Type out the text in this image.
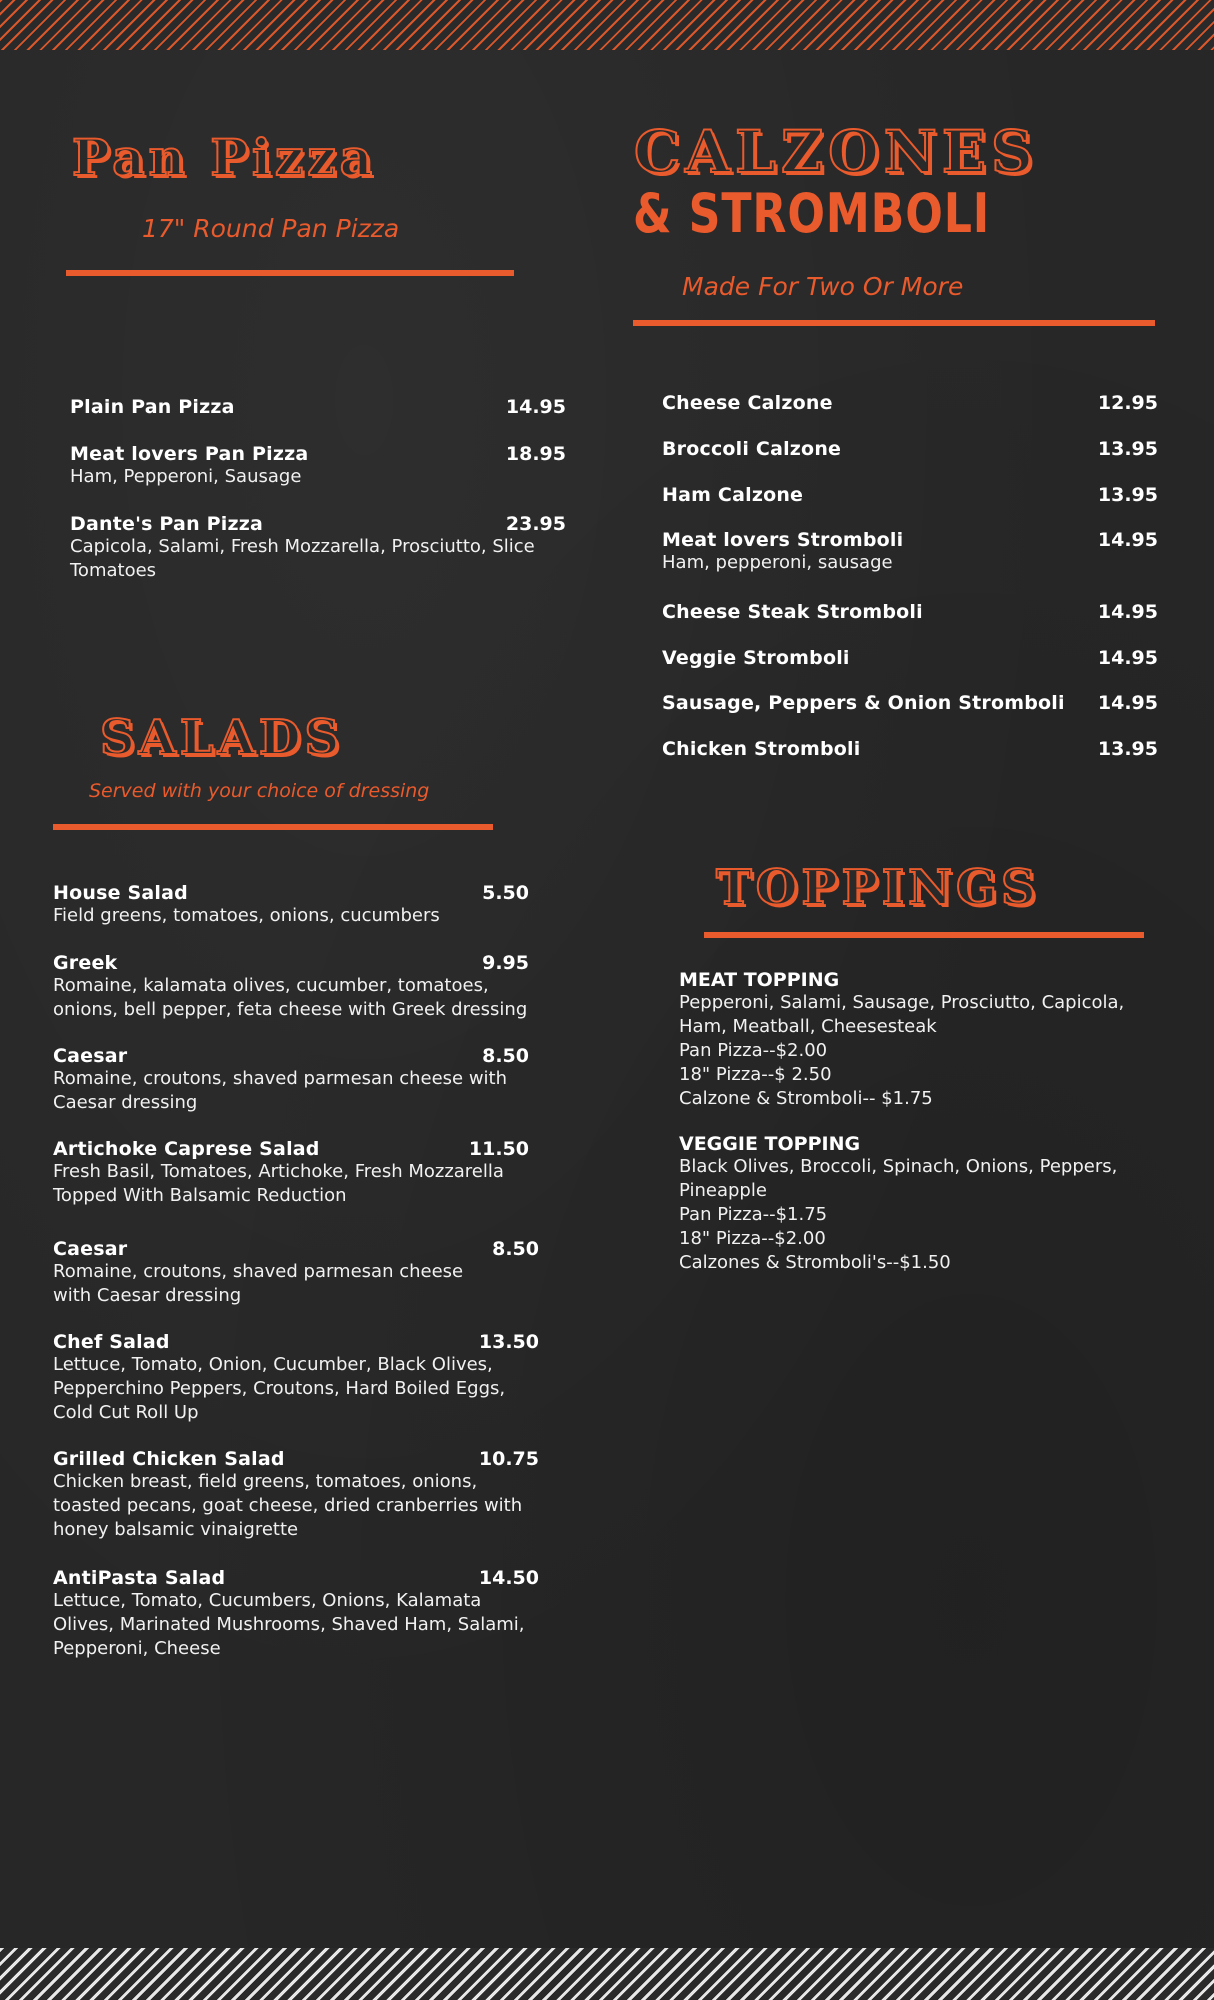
Pan Pizza
17" Round Pan Pizza
Plain Pan Pizza	14.95
Meat lovers Pan Pizza	18.95
Ham, Pepperoni, Sausage
Dante's Pan Pizza	23.95
Capicola, Salami, Fresh Mozzarella, Prosciutto, Slice Tomatoes
CALZONES
& STROMBOLI
Made For Two Or More
Cheese Calzone	12.95
Broccoli Calzone	13.95
Ham Calzone	13.95
Meat lovers Stromboli	14.95
Ham, pepperoni, sausage
Cheese Steak Stromboli	14.95
Veggie Stromboli	14.95
Sausage, Peppers & Onion Stromboli 14.95
Chicken Stromboli	13.95
SALADS
Served with your choice of dressing
House Salad	5.50
Field greens, tomatoes, onions, cucumbers
Greek	9.95
Romaine, kalamata olives, cucumber, tomatoes, onions, bell pepper, feta cheese with Greek dressing
Caesar	8.50
Romaine, croutons, shaved parmesan cheese with Caesar dressing
Artichoke Caprese Salad	11.50
Fresh Basil, Tomatoes, Artichoke, Fresh Mozzarella Topped With Balsamic Reduction
Caesar	8.50
Romaine, croutons, shaved parmesan cheese with Caesar dressing
Chef Salad	13.50
Lettuce, Tomato, Onion, Cucumber, Black Olives, Pepperchino Peppers, Croutons, Hard Boiled Eggs, Cold Cut Roll Up
Grilled Chicken Salad	10.75
Chicken breast, field greens, tomatoes, onions, toasted pecans, goat cheese, dried cranberries with honey balsamic vinaigrette
AntiPasta Salad	14.50
Lettuce, Tomato, Cucumbers, Onions, Kalamata Olives, Marinated Mushrooms, Shaved Ham, Salami, Pepperoni, Cheese
TOPPINGS
MEAT TOPPING
Pepperoni, Salami, Sausage, Prosciutto, Capicola, Ham, Meatball, Cheesesteak
Pan Pizza--$2.00
18" Pizza--$ 2.50
Calzone & Stromboli-- $1.75
VEGGIE TOPPING
Black Olives, Broccoli, Spinach, Onions, Peppers, Pineapple
Pan Pizza--$1.75
18" Pizza--$2.00
Calzones & Stromboli's--$1.50
